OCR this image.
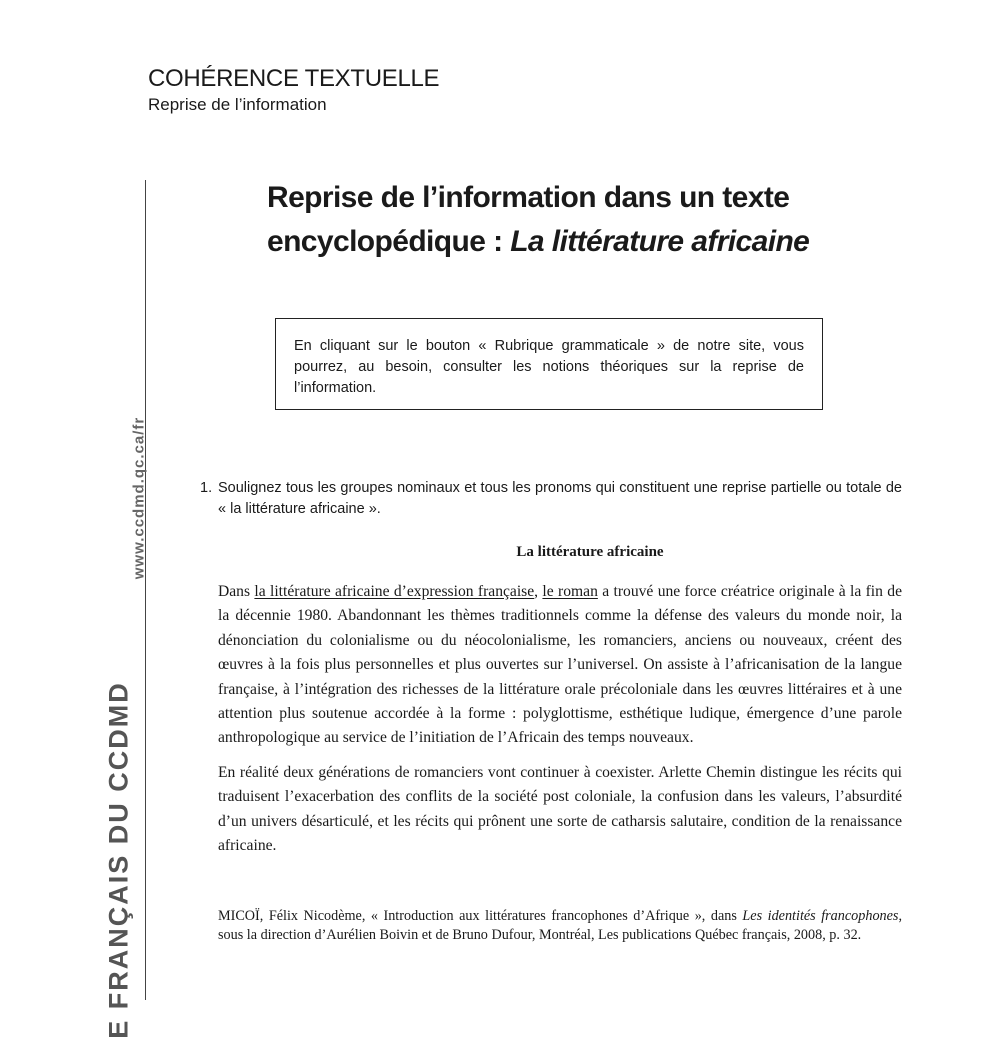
COHÉRENCE TEXTUELLE
Reprise de l’information
www.ccdmd.qc.ca/fr
E FRANÇAIS DU CCDMD
Reprise de l’information dans un texte
encyclopédique : La littérature africaine
En cliquant sur le bouton « Rubrique grammaticale » de notre site, vous pourrez, au besoin, consulter les notions théoriques sur la reprise de l’information.
1. Soulignez tous les groupes nominaux et tous les pronoms qui constituent une reprise partielle ou totale de « la littérature africaine ».
La littérature africaine

Dans la littérature africaine d’expression française, le roman a trouvé une force créatrice originale à la fin de la décennie 1980. Abandonnant les thèmes traditionnels comme la défense des valeurs du monde noir, la dénonciation du colonialisme ou du néocolonialisme, les romanciers, anciens ou nouveaux, créent des œuvres à la fois plus personnelles et plus ouvertes sur l’universel. On assiste à l’africanisation de la langue française, à l’intégration des richesses de la littérature orale précoloniale dans les œuvres littéraires et à une attention plus soutenue accordée à la forme : polyglottisme, esthétique ludique, émergence d’une parole anthropologique au service de l’initiation de l’Africain des temps nouveaux.

En réalité deux générations de romanciers vont continuer à coexister. Arlette Chemin distingue les récits qui traduisent l’exacerbation des conflits de la société post coloniale, la confusion dans les valeurs, l’absurdité d’un univers désarticulé, et les récits qui prônent une sorte de catharsis salutaire, condition de la renaissance africaine.

MICOÏ, Félix Nicodème, « Introduction aux littératures francophones d’Afrique », dans Les identités francophones, sous la direction d’Aurélien Boivin et de Bruno Dufour, Montréal, Les publications Québec français, 2008, p. 32.
